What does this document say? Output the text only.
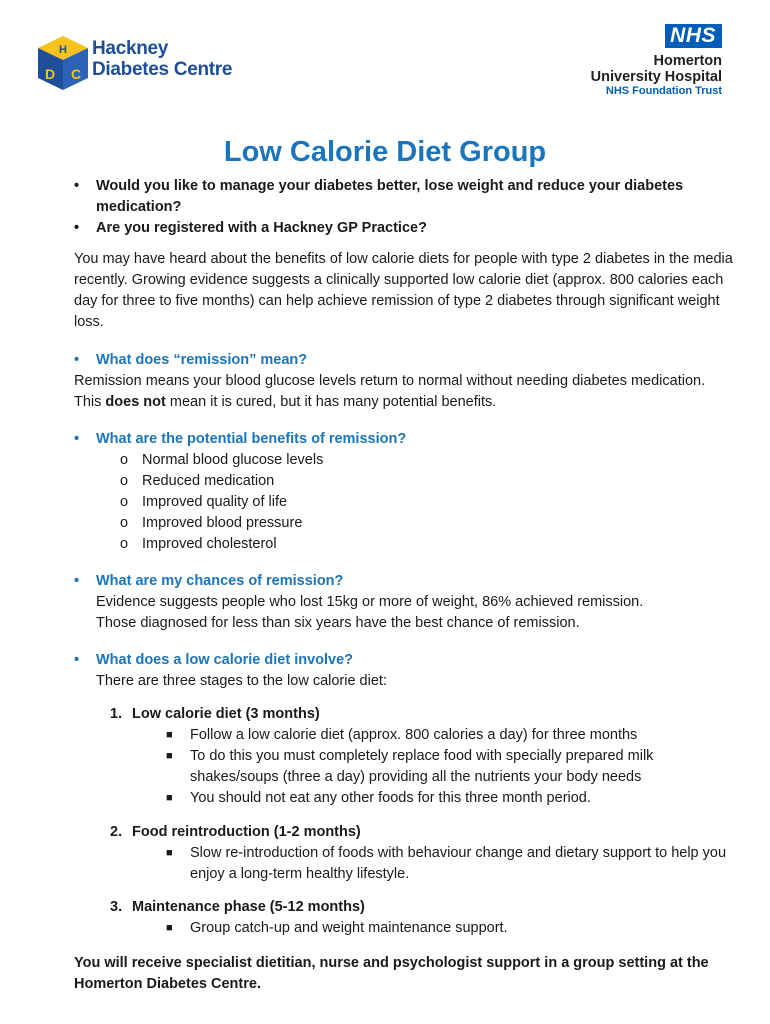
H
D C
Hackney
Diabetes Centre
NHS
Homerton
University Hospital
NHS Foundation Trust
Low Calorie Diet Group
• Would you like to manage your diabetes better, lose weight and reduce your diabetes medication?
• Are you registered with a Hackney GP Practice?

You may have heard about the benefits of low calorie diets for people with type 2 diabetes in the media recently. Growing evidence suggests a clinically supported low calorie diet (approx. 800 calories each day for three to five months) can help achieve remission of type 2 diabetes through significant weight loss.

• What does “remission” mean?

Remission means your blood glucose levels return to normal without needing diabetes medication. This does not mean it is cured, but it has many potential benefits.

• What are the potential benefits of remission?
o Normal blood glucose levels
o Reduced medication
o Improved quality of life
o Improved blood pressure
o Improved cholesterol
• What are my chances of remission?
Evidence suggests people who lost 15kg or more of weight, 86% achieved remission.
Those diagnosed for less than six years have the best chance of remission.
• What does a low calorie diet involve?
There are three stages to the low calorie diet:
1. Low calorie diet (3 months)
■ Follow a low calorie diet (approx. 800 calories a day) for three months
■ To do this you must completely replace food with specially prepared milk shakes/soups (three a day) providing all the nutrients your body needs
■ You should not eat any other foods for this three month period.
2. Food reintroduction (1-2 months)
■ Slow re-introduction of foods with behaviour change and dietary support to help you enjoy a long-term healthy lifestyle.
3. Maintenance phase (5-12 months)
■ Group catch-up and weight maintenance support.

You will receive specialist dietitian, nurse and psychologist support in a group setting at the Homerton Diabetes Centre.
